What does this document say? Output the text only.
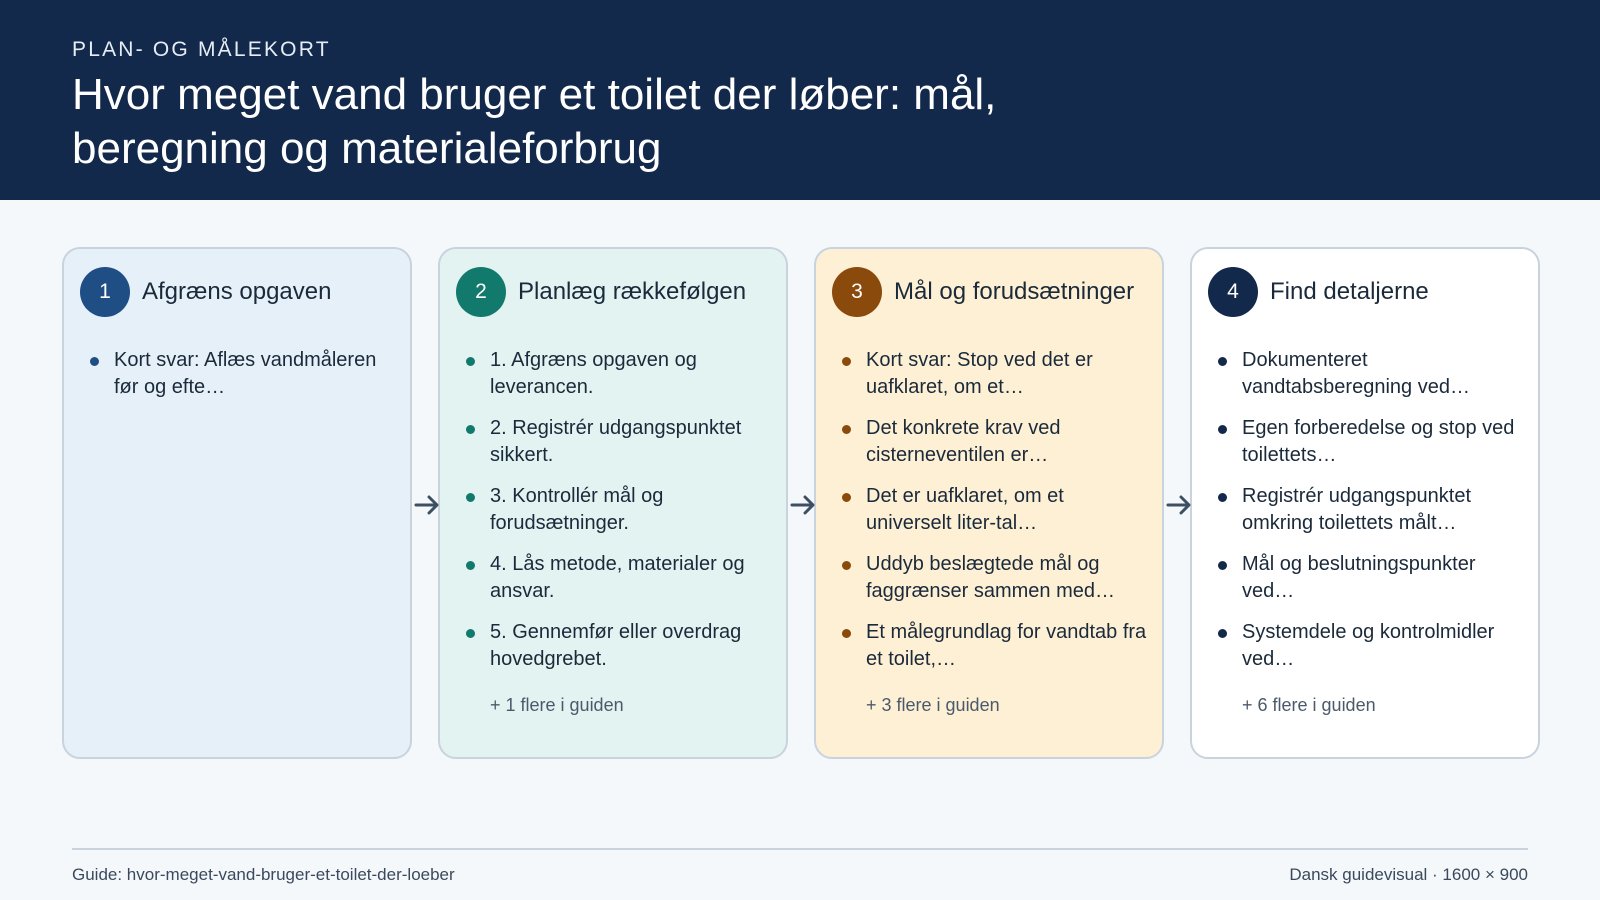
PLAN- OG MÅLEKORT
Hvor meget vand bruger et toilet der løber: mål, beregning og materialeforbrug
1	Afgræns opgaven
Kort svar: Aflæs vandmåleren før og efte…
2	Planlæg rækkefølgen
1. Afgræns opgaven og leverancen.
2. Registrér udgangspunktet sikkert.
3. Kontrollér mål og forudsætninger.
4. Lås metode, materialer og ansvar.
5. Gennemfør eller overdrag hovedgrebet.
+ 1 flere i guiden
3	Mål og forudsætninger
Kort svar: Stop ved det er uafklaret, om et…
Det konkrete krav ved cisterneventilen er…
Det er uafklaret, om et universelt liter-tal…
Uddyb beslægtede mål og faggrænser sammen med…
Et målegrundlag for vandtab fra et toilet,…
+ 3 flere i guiden
4	Find detaljerne
Dokumenteret vandtabsberegning ved…
Egen forberedelse og stop ved toilettets…
Registrér udgangspunktet omkring toilettets målt…
Mål og beslutningspunkter ved…
Systemdele og kontrolmidler ved…
+ 6 flere i guiden
Guide: hvor-meget-vand-bruger-et-toilet-der-loeber	Dansk guidevisual · 1600 × 900
